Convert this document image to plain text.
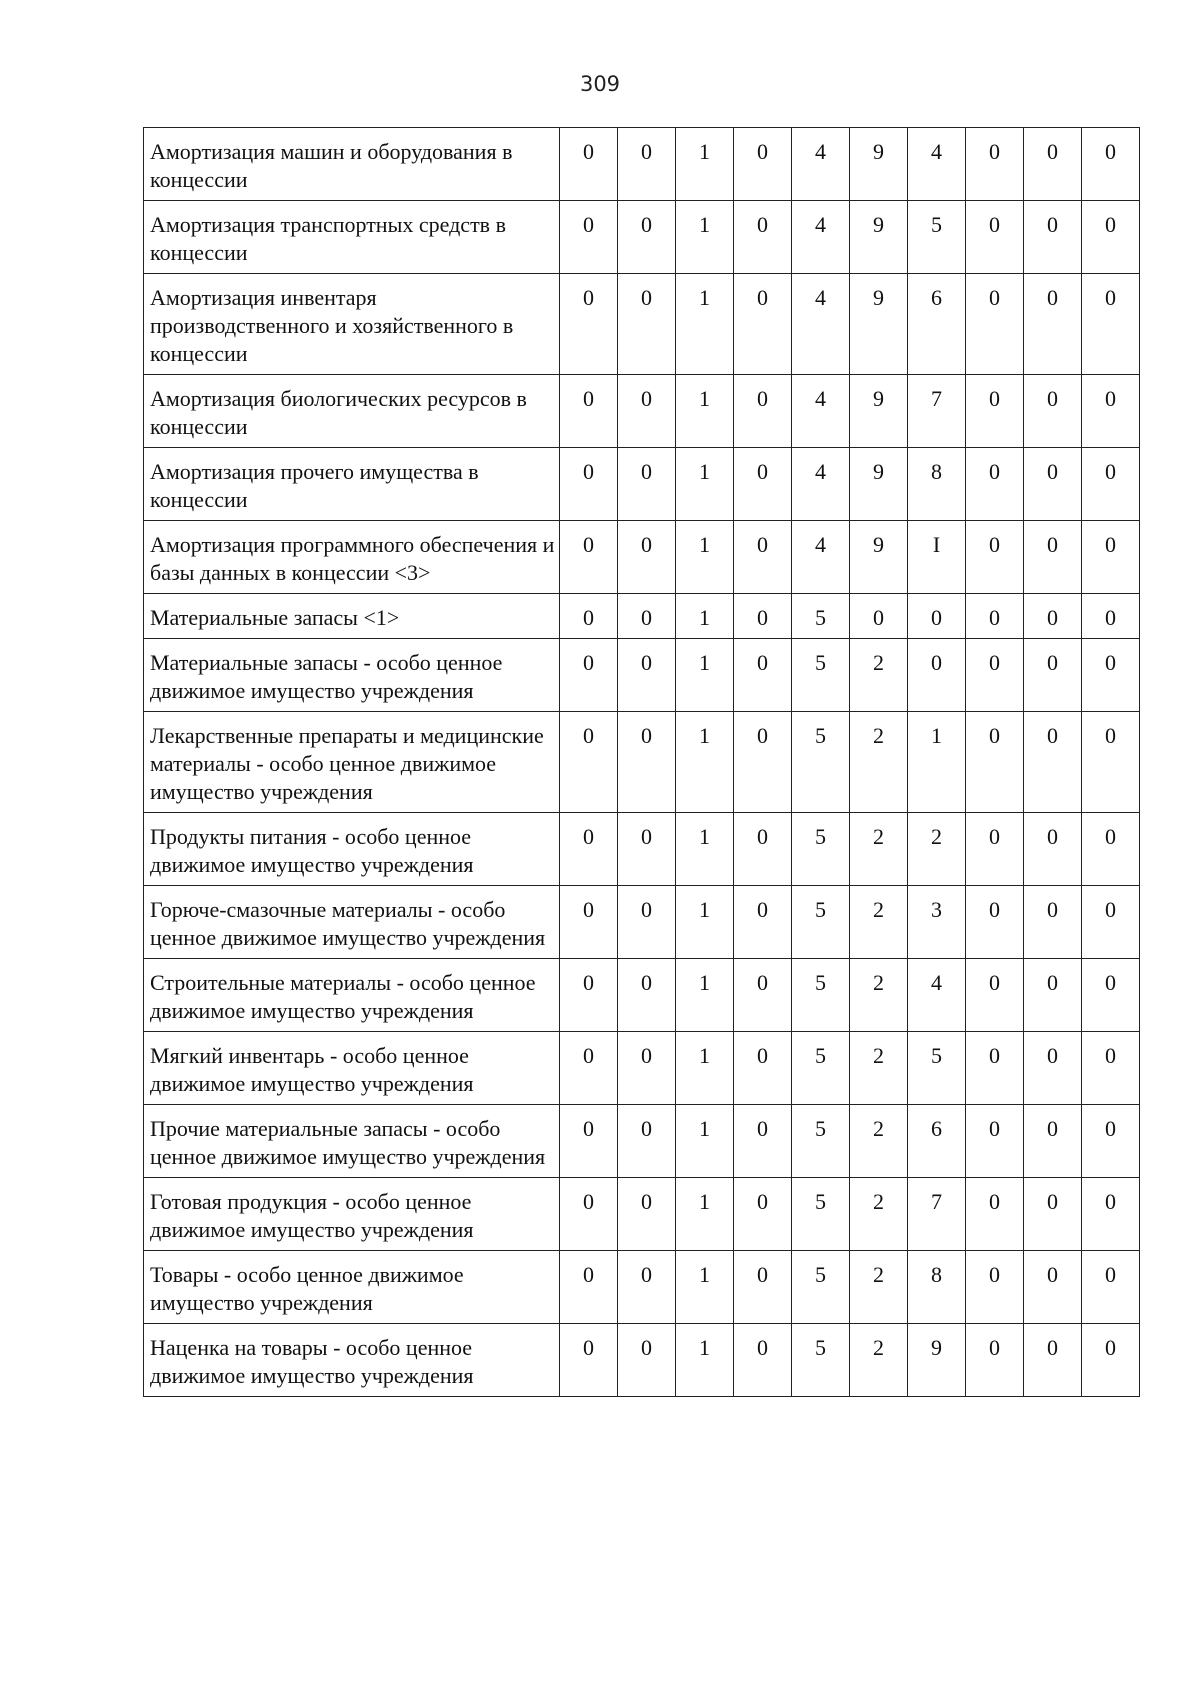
309
Амортизация машин и оборудования в концессии	0	0	1	0	4	9	4	0	0	0
Амортизация транспортных средств в концессии	0	0	1	0	4	9	5	0	0	0
Амортизация инвентаря производственного и хозяйственного в концессии	0	0	1	0	4	9	6	0	0	0
Амортизация биологических ресурсов в концессии	0	0	1	0	4	9	7	0	0	0
Амортизация прочего имущества в концессии	0	0	1	0	4	9	8	0	0	0
Амортизация программного обеспечения и базы данных в концессии <3>	0	0	1	0	4	9	I	0	0	0
Материальные запасы <1>	0	0	1	0	5	0	0	0	0	0
Материальные запасы - особо ценное движимое имущество учреждения	0	0	1	0	5	2	0	0	0	0
Лекарственные препараты и медицинские материалы - особо ценное движимое имущество учреждения	0	0	1	0	5	2	1	0	0	0
Продукты питания - особо ценное движимое имущество учреждения	0	0	1	0	5	2	2	0	0	0
Горюче-смазочные материалы - особо ценное движимое имущество учреждения	0	0	1	0	5	2	3	0	0	0
Строительные материалы - особо ценное движимое имущество учреждения	0	0	1	0	5	2	4	0	0	0
Мягкий инвентарь - особо ценное движимое имущество учреждения	0	0	1	0	5	2	5	0	0	0
Прочие материальные запасы - особо ценное движимое имущество учреждения	0	0	1	0	5	2	6	0	0	0
Готовая продукция - особо ценное движимое имущество учреждения	0	0	1	0	5	2	7	0	0	0
Товары - особо ценное движимое имущество учреждения	0	0	1	0	5	2	8	0	0	0
Наценка на товары - особо ценное движимое имущество учреждения	0	0	1	0	5	2	9	0	0	0
